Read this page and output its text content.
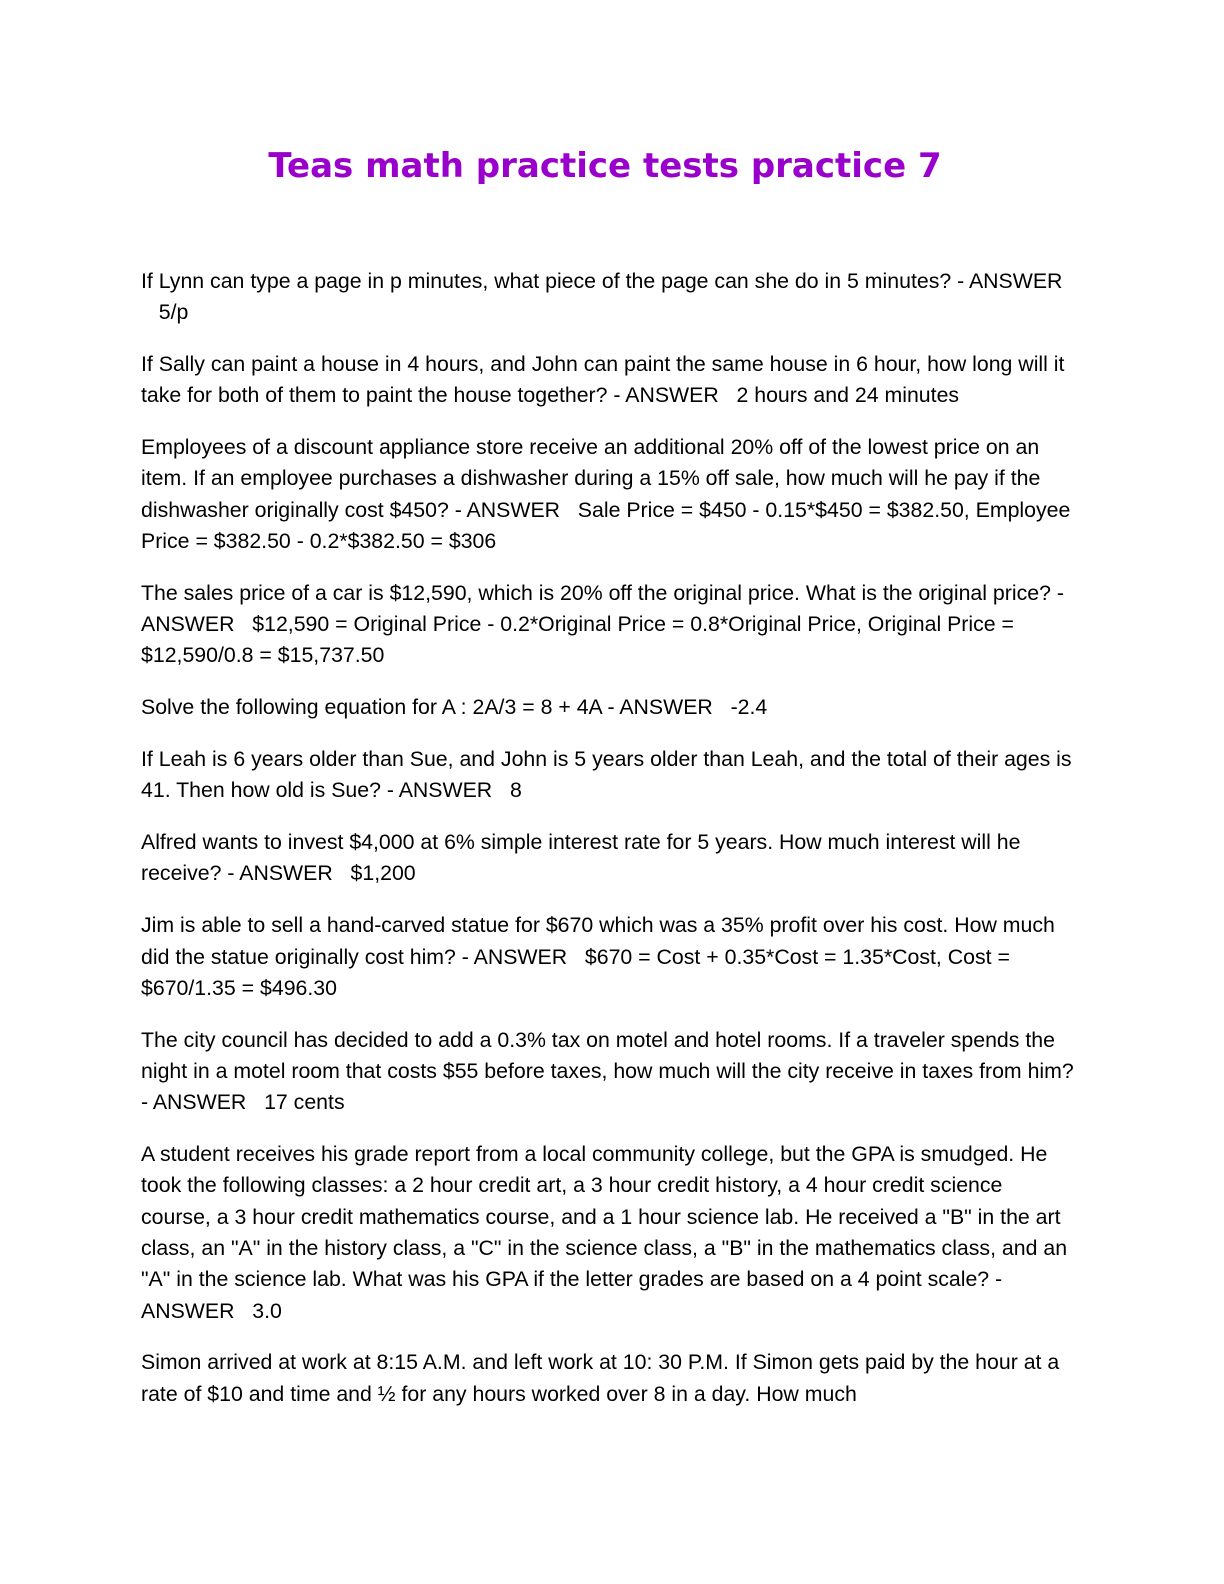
Teas math practice tests practice 7

If Lynn can type a page in p minutes, what piece of the page can she do in 5 minutes? - ANSWER   5/p

If Sally can paint a house in 4 hours, and John can paint the same house in 6 hour, how long will it take for both of them to paint the house together? - ANSWER 2 hours and 24 minutes

Employees of a discount appliance store receive an additional 20% off of the lowest price on an item. If an employee purchases a dishwasher during a 15% off sale, how much will he pay if the dishwasher originally cost $450? - ANSWER Sale Price = $450 - 0.15*$450 = $382.50, Employee Price = $382.50 - 0.2*$382.50 = $306

The sales price of a car is $12,590, which is 20% off the original price. What is the original price? - ANSWER $12,590 = Original Price - 0.2*Original Price = 0.8*Original Price, Original Price = $12,590/0.8 = $15,737.50

Solve the following equation for A : 2A/3 = 8 + 4A - ANSWER -2.4

If Leah is 6 years older than Sue, and John is 5 years older than Leah, and the total of their ages is 41. Then how old is Sue? - ANSWER 8

Alfred wants to invest $4,000 at 6% simple interest rate for 5 years. How much interest will he receive? - ANSWER $1,200

Jim is able to sell a hand-carved statue for $670 which was a 35% profit over his cost. How much did the statue originally cost him? - ANSWER $670 = Cost + 0.35*Cost = 1.35*Cost, Cost = $670/1.35 = $496.30

The city council has decided to add a 0.3% tax on motel and hotel rooms. If a traveler spends the night in a motel room that costs $55 before taxes, how much will the city receive in taxes from him? - ANSWER 17 cents

A student receives his grade report from a local community college, but the GPA is smudged. He took the following classes: a 2 hour credit art, a 3 hour credit history, a 4 hour credit science course, a 3 hour credit mathematics course, and a 1 hour science lab. He received a "B" in the art class, an "A" in the history class, a "C" in the science class, a "B" in the mathematics class, and an "A" in the science lab. What was his GPA if the letter grades are based on a 4 point scale? - ANSWER 3.0

Simon arrived at work at 8:15 A.M. and left work at 10: 30 P.M. If Simon gets paid by the hour at a rate of $10 and time and ½ for any hours worked over 8 in a day. How much
